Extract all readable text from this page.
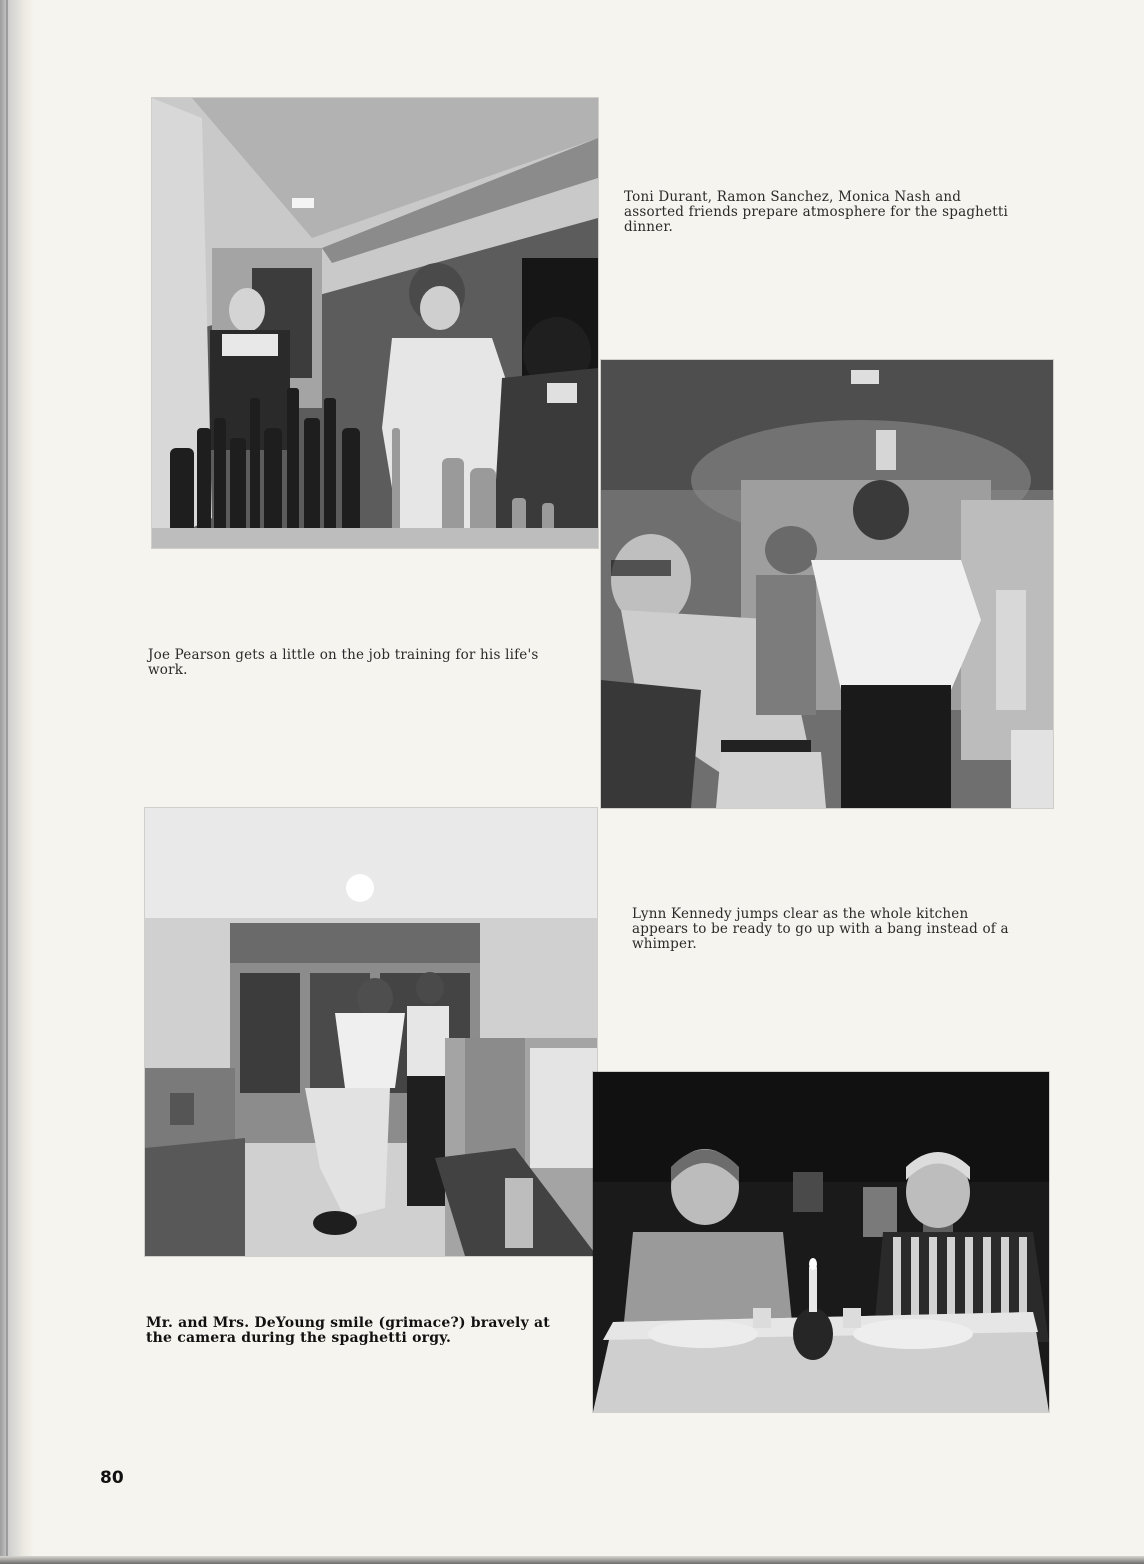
Toni Durant, Ramon Sanchez, Monica Nash and assorted friends prepare atmosphere for the spaghetti dinner.

Joe Pearson gets a little on the job training for his life's work.

Lynn Kennedy jumps clear as the whole kitchen appears to be ready to go up with a bang instead of a whimper.

Mr. and Mrs. DeYoung smile (grimace?) bravely at the camera during the spaghetti orgy.

80
